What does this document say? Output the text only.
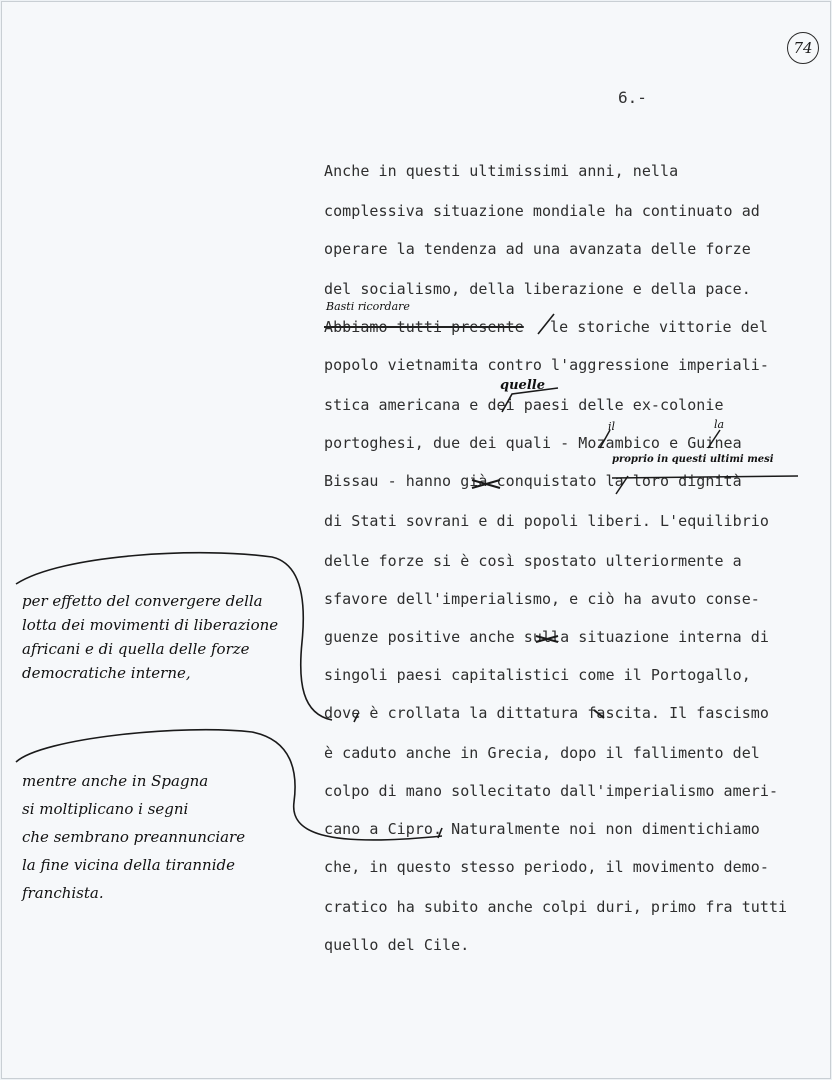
74
6.-
Anche in questi ultimissimi anni, nella
complessiva situazione mondiale ha continuato ad
operare la tendenza ad una avanzata delle forze
del socialismo, della liberazione e della pace.
Abbiamo tutti presente le storiche vittorie del
popolo vietnamita contro l'aggressione imperiali-
stica americana e dei paesi delle ex-colonie
portoghesi, due dei quali - Mozambico e Guinea
Bissau - hanno già conquistato la loro dignità
di Stati sovrani e di popoli liberi. L'equilibrio
delle forze si è così spostato ulteriormente a
sfavore dell'imperialismo, e ciò ha avuto conse-
guenze positive anche sulla situazione interna di
singoli paesi capitalistici come il Portogallo,
dove è crollata la dittatura fascita. Il fascismo
è caduto anche in Grecia, dopo il fallimento del
colpo di mano sollecitato dall'imperialismo ameri-
cano a Cipro. Naturalmente noi non dimentichiamo
che, in questo stesso periodo, il movimento demo-
cratico ha subito anche colpi duri, primo fra tutti
quello del Cile.
Basti ricordare
quelle
il	la
proprio in questi ultimi mesi
per effetto del convergere della
lotta dei movimenti di liberazione
africani e di quella delle forze
democratiche interne,
mentre anche in Spagna
si moltiplicano i segni
che sembrano preannunciare
la fine vicina della tirannide
franchista.
